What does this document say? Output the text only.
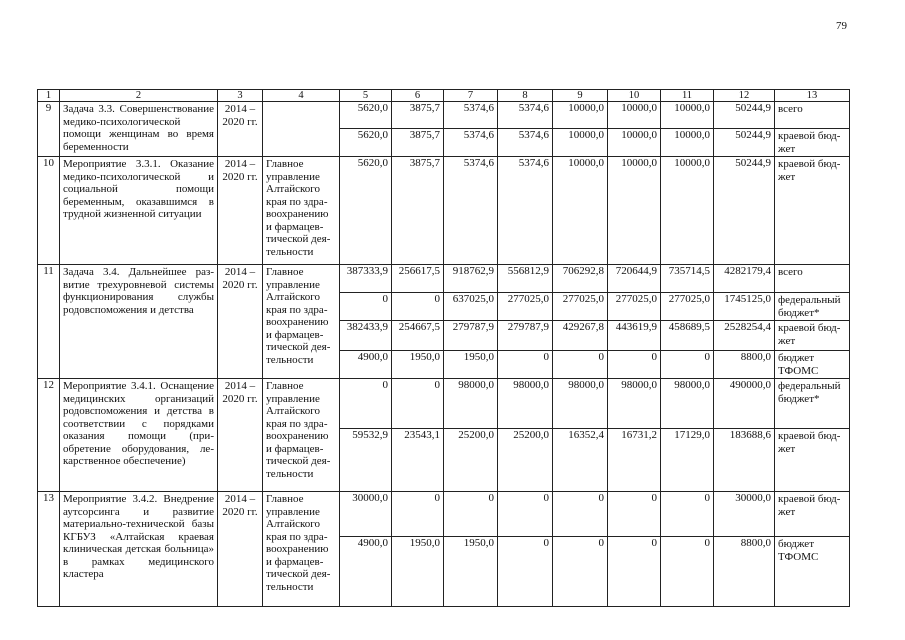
79
1	2	3	4	5	6	7	8	9	10	11	12	13
9	Задача 3.3. Совершенствование медико-психологической помощи женщинам во время беременности	2014 – 2020 гг.		5620,0	3875,7	5374,6	5374,6	10000,0	10000,0	10000,0	50244,9	всего
				5620,0	3875,7	5374,6	5374,6	10000,0	10000,0	10000,0	50244,9	краевой бюджет
10	Мероприятие 3.3.1. Оказание медико-психологической и социальной помощи беременным, оказавшимся в трудной жизненной ситуации	2014 – 2020 гг.	Главное управление Алтайского края по здравоохранению и фармацевтической деятельности	5620,0	3875,7	5374,6	5374,6	10000,0	10000,0	10000,0	50244,9	краевой бюджет
11	Задача 3.4. Дальнейшее развитие трехуровневой системы функционирования службы родовспоможения и детства	2014 – 2020 гг.	Главное управление Алтайского края по здравоохранению и фармацевтической деятельности	387333,9	256617,5	918762,9	556812,9	706292,8	720644,9	735714,5	4282179,4	всего
				0	0	637025,0	277025,0	277025,0	277025,0	277025,0	1745125,0	федеральный бюджет*
				382433,9	254667,5	279787,9	279787,9	429267,8	443619,9	458689,5	2528254,4	краевой бюджет
				4900,0	1950,0	1950,0	0	0	0	0	8800,0	бюджет ТФОМС
12	Мероприятие 3.4.1. Оснащение медицинских организаций родовспоможения и детства в соответствии с порядками оказания помощи (приобретение оборудования, лекарственное обеспечение)	2014 – 2020 гг.	Главное управление Алтайского края по здравоохранению и фармацевтической деятельности	0	0	98000,0	98000,0	98000,0	98000,0	98000,0	490000,0	федеральный бюджет*
				59532,9	23543,1	25200,0	25200,0	16352,4	16731,2	17129,0	183688,6	краевой бюджет
13	Мероприятие 3.4.2. Внедрение аутсорсинга и развитие материально-технической базы КГБУЗ «Алтайская краевая клиническая детская больница» в рамках медицинского кластера	2014 – 2020 гг.	Главное управление Алтайского края по здравоохранению и фармацевтической деятельности	30000,0	0	0	0	0	0	0	30000,0	краевой бюджет
				4900,0	1950,0	1950,0	0	0	0	0	8800,0	бюджет ТФОМС
